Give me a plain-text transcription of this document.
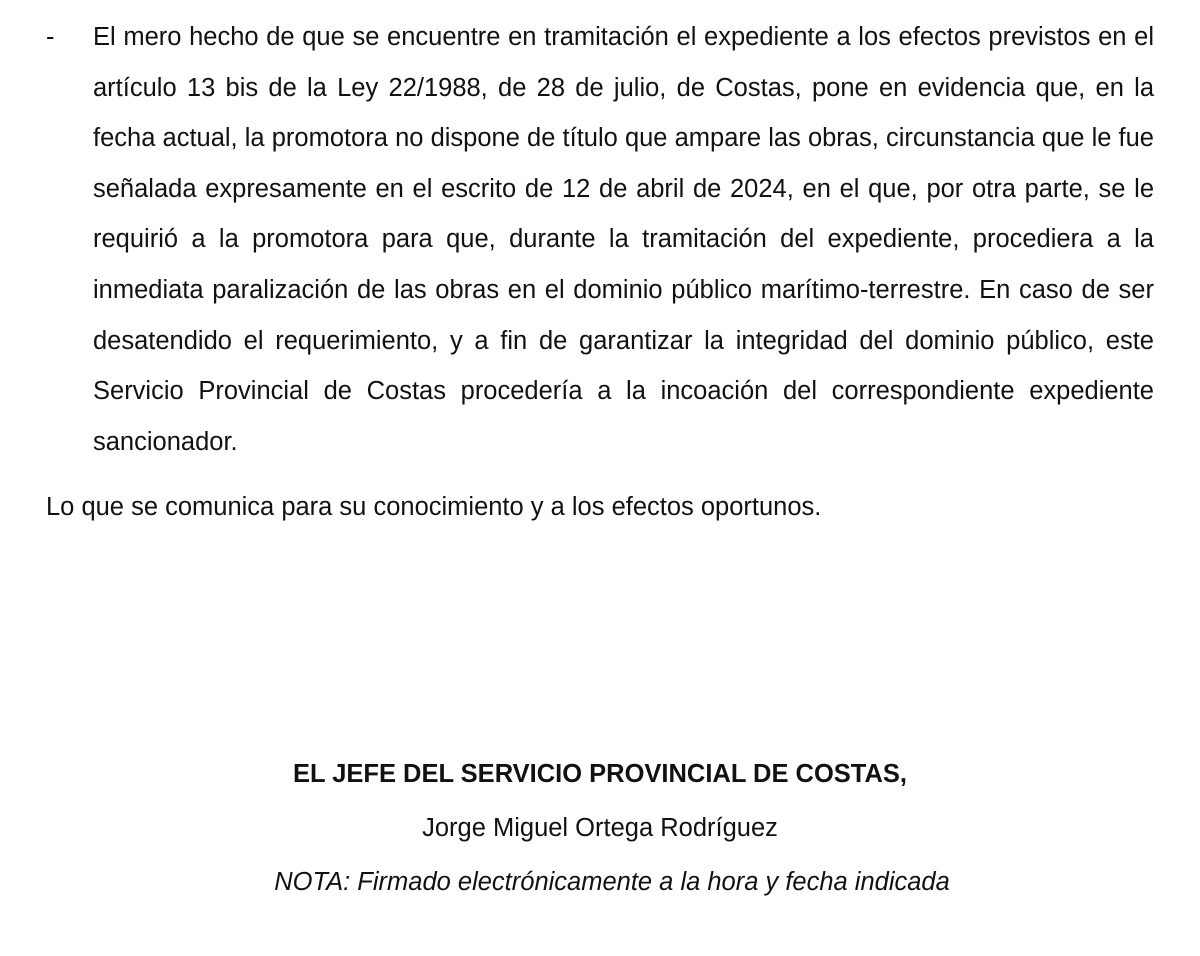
- El mero hecho de que se encuentre en tramitación el expediente a los efectos previstos en el artículo 13 bis de la Ley 22/1988, de 28 de julio, de Costas, pone en evidencia que, en la fecha actual, la promotora no dispone de título que ampare las obras, circunstancia que le fue señalada expresamente en el escrito de 12 de abril de 2024, en el que, por otra parte, se le requirió a la promotora para que, durante la tramitación del expediente, procediera a la inmediata paralización de las obras en el dominio público marítimo-terrestre. En caso de ser desatendido el requerimiento, y a fin de garantizar la integridad del dominio público, este Servicio Provincial de Costas procedería a la incoación del correspondiente expediente sancionador.

Lo que se comunica para su conocimiento y a los efectos oportunos.

EL JEFE DEL SERVICIO PROVINCIAL DE COSTAS,

Jorge Miguel Ortega Rodríguez

NOTA: Firmado electrónicamente a la hora y fecha indicada
